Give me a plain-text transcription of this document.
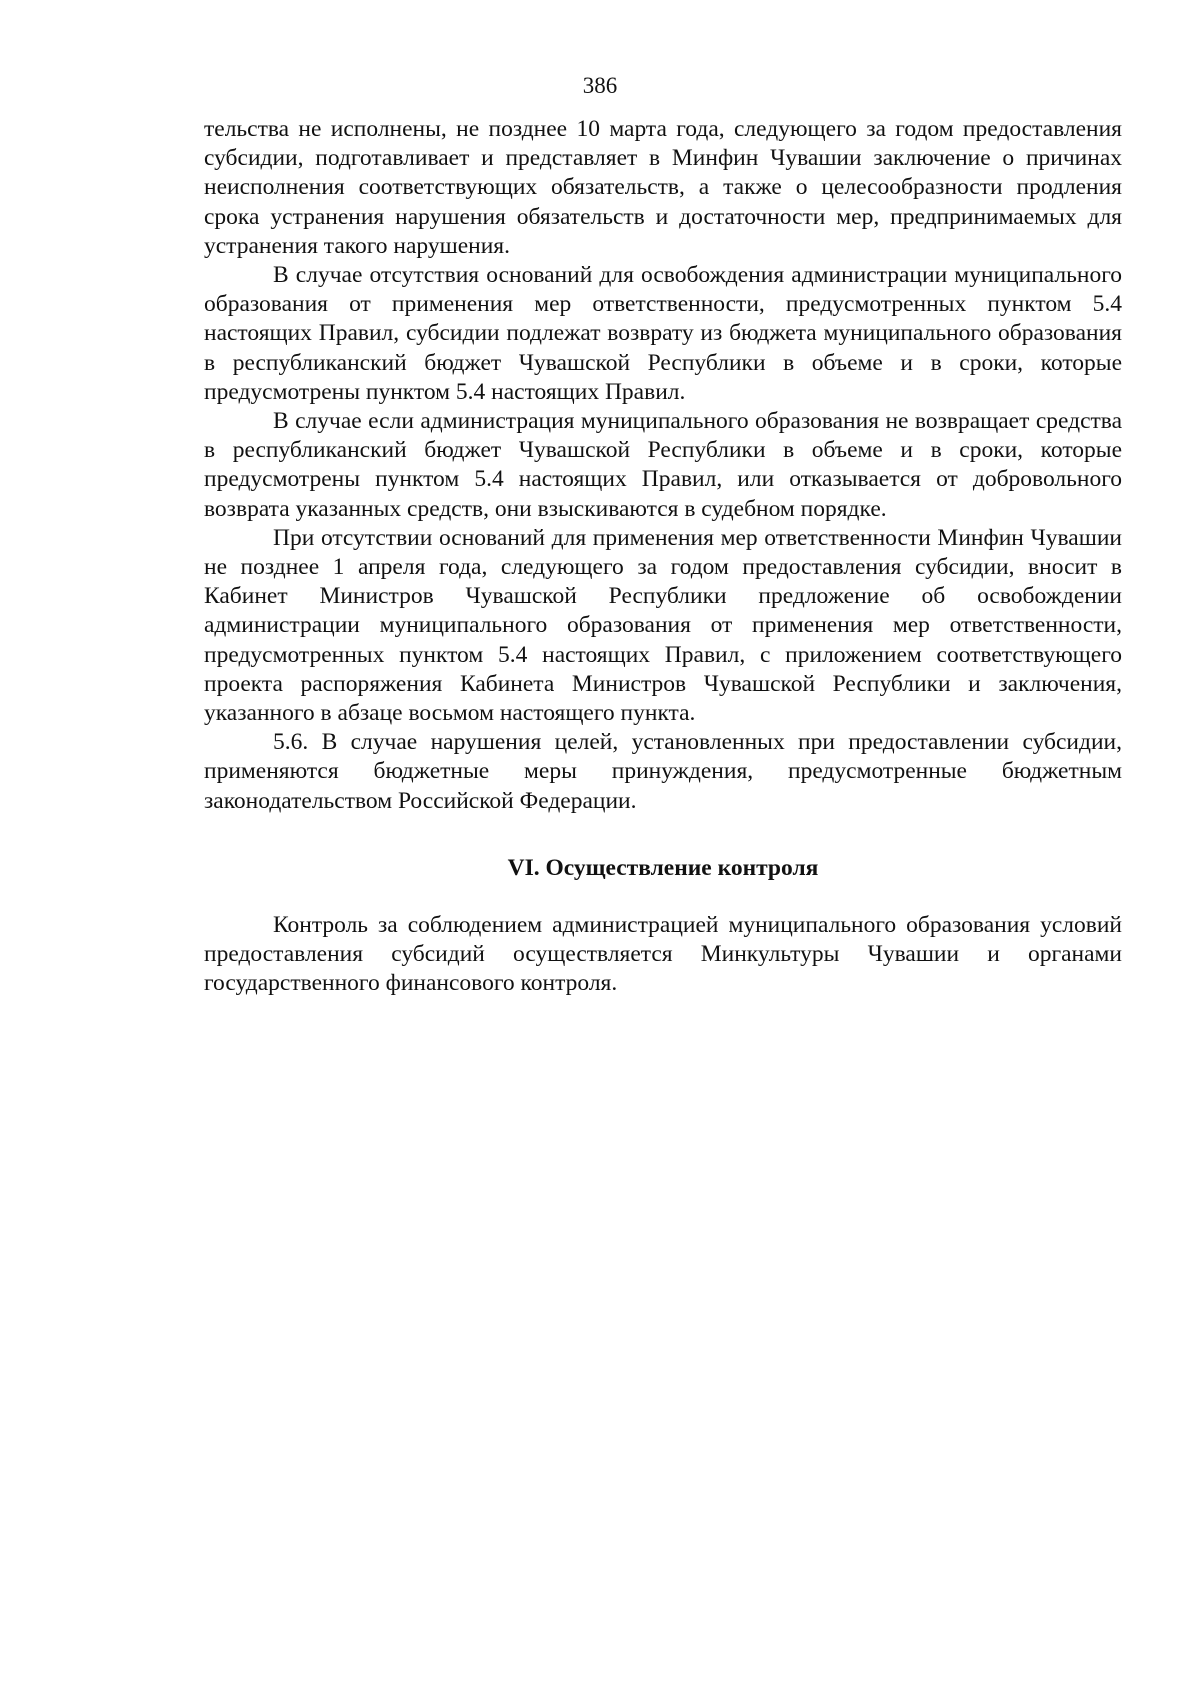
386

тельства не исполнены, не позднее 10 марта года, следующего за годом предоставления субсидии, подготавливает и представляет в Минфин Чувашии заключение о причинах неисполнения соответствующих обязательств, а также о целесообразности продления срока устранения нарушения обязательств и достаточности мер, предпринимаемых для устранения такого нарушения.

В случае отсутствия оснований для освобождения администрации муниципального образования от применения мер ответственности, предусмотренных пунктом 5.4 настоящих Правил, субсидии подлежат возврату из бюджета муниципального образования в республиканский бюджет Чувашской Республики в объеме и в сроки, которые предусмотрены пунктом 5.4 настоящих Правил.

В случае если администрация муниципального образования не возвращает средства в республиканский бюджет Чувашской Республики в объеме и в сроки, которые предусмотрены пунктом 5.4 настоящих Правил, или отказывается от добровольного возврата указанных средств, они взыскиваются в судебном порядке.

При отсутствии оснований для применения мер ответственности Минфин Чувашии не позднее 1 апреля года, следующего за годом предоставления субсидии, вносит в Кабинет Министров Чувашской Республики предложение об освобождении администрации муниципального образования от применения мер ответственности, предусмотренных пунктом 5.4 настоящих Правил, с приложением соответствующего проекта распоряжения Кабинета Министров Чувашской Республики и заключения, указанного в абзаце восьмом настоящего пункта.

5.6. В случае нарушения целей, установленных при предоставлении субсидии, применяются бюджетные меры принуждения, предусмотренные бюджетным законодательством Российской Федерации.

VI. Осуществление контроля

Контроль за соблюдением администрацией муниципального образования условий предоставления субсидий осуществляется Минкультуры Чувашии и органами государственного финансового контроля.
